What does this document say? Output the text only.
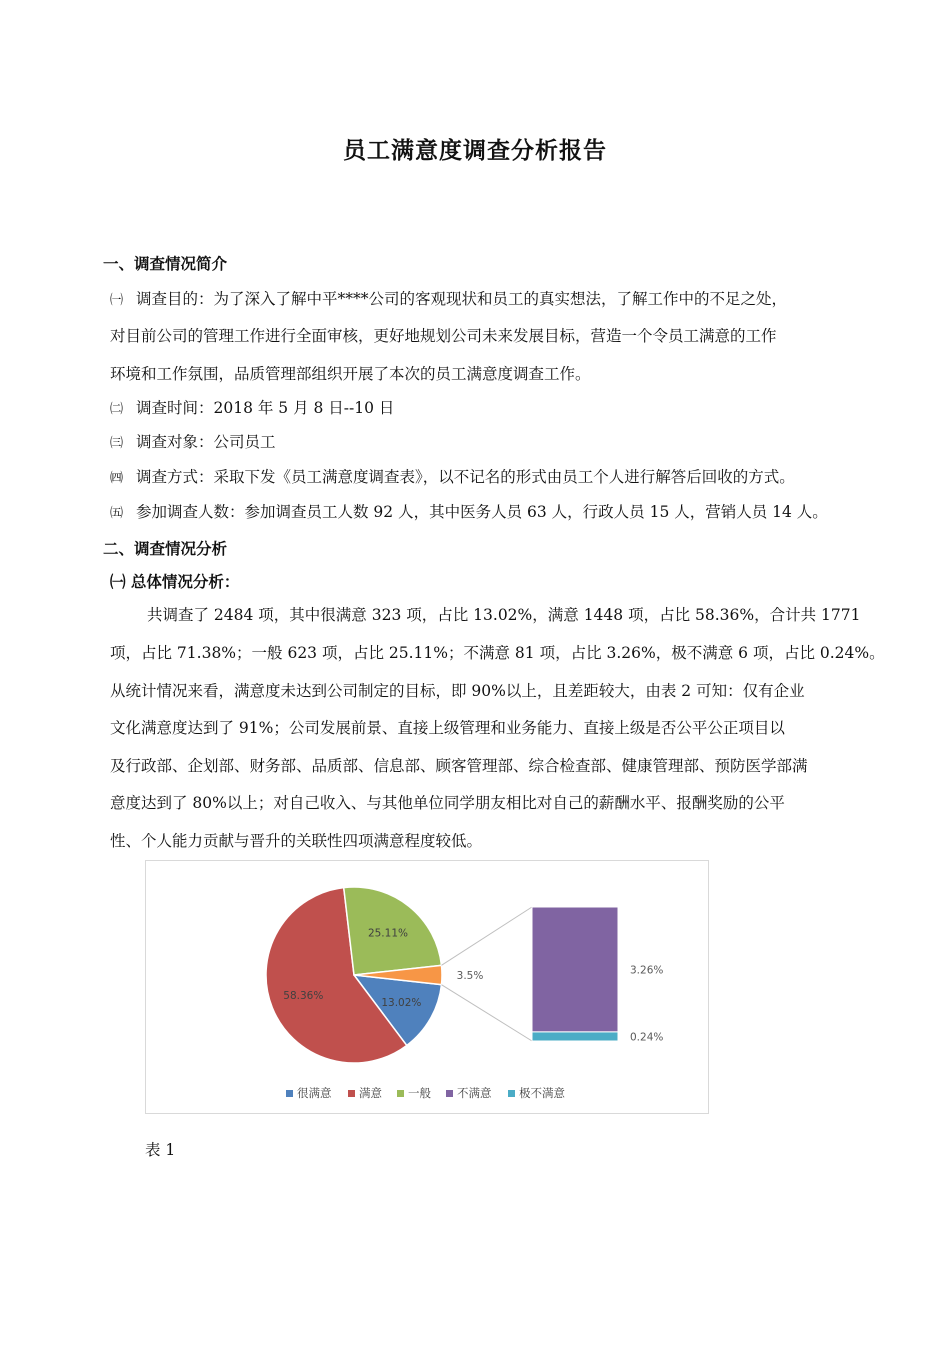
员工满意度调查分析报告
一、调查情况简介
㈠ 调查目的：为了深入了解中平****公司的客观现状和员工的真实想法，了解工作中的不足之处，
对目前公司的管理工作进行全面审核，更好地规划公司未来发展目标，营造一个令员工满意的工作
环境和工作氛围，品质管理部组织开展了本次的员工满意度调查工作。
㈡ 调查时间：2018 年 5 月 8 日--10 日
㈢ 调查对象：公司员工
㈣ 调查方式：采取下发《员工满意度调查表》，以不记名的形式由员工个人进行解答后回收的方式。
㈤ 参加调查人数：参加调查员工人数 92 人，其中医务人员 63 人，行政人员 15 人，营销人员 14 人。
二、调查情况分析
㈠ 总体情况分析：
共调查了 2484 项，其中很满意 323 项，占比 13.02%，满意 1448 项，占比 58.36%，合计共 1771
项，占比 71.38%；一般 623 项，占比 25.11%；不满意 81 项，占比 3.26%，极不满意 6 项，占比 0.24%。
从统计情况来看，满意度未达到公司制定的目标，即 90%以上，且差距较大，由表 2 可知：仅有企业
文化满意度达到了 91%；公司发展前景、直接上级管理和业务能力、直接上级是否公平公正项目以
及行政部、企划部、财务部、品质部、信息部、顾客管理部、综合检查部、健康管理部、预防医学部满
意度达到了 80%以上；对自己收入、与其他单位同学朋友相比对自己的薪酬水平、报酬奖励的公平
性、个人能力贡献与晋升的关联性四项满意程度较低。
13.02%
58.36%
25.11%
3.5%
0.24%
3.26%
很满意 满意 一般 不满意 极不满意
表 1
